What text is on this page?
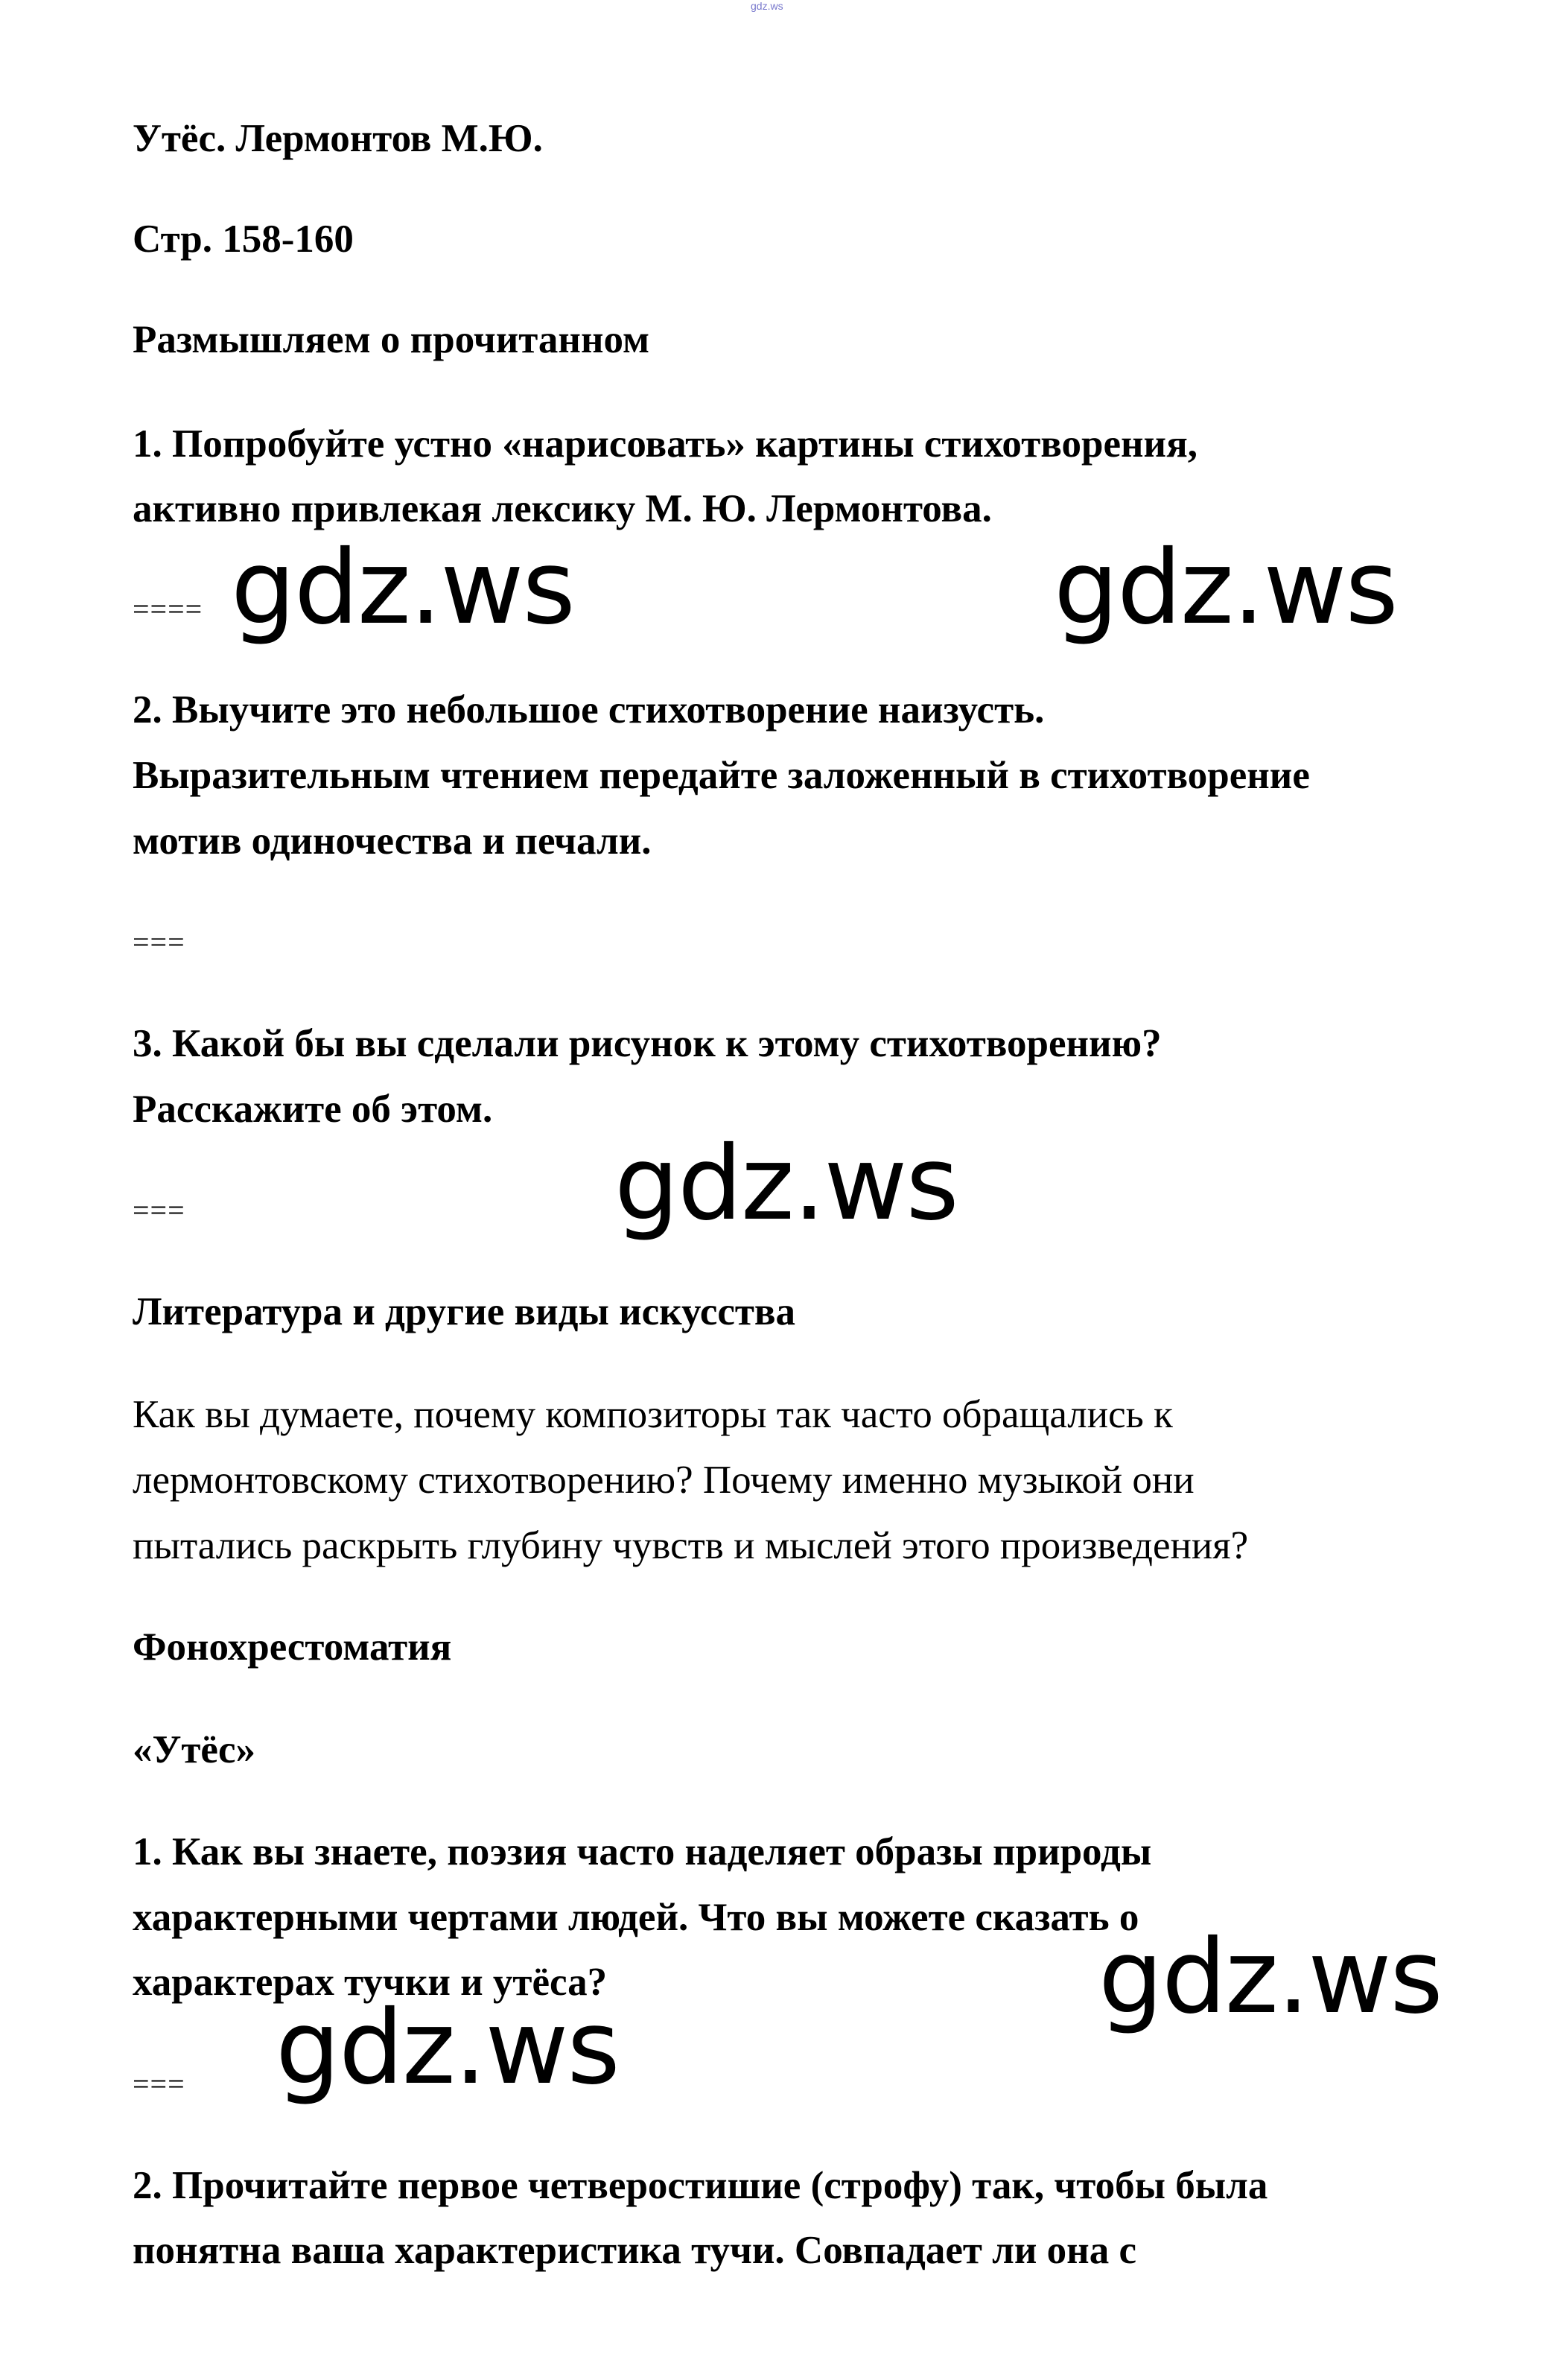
gdz.ws
Утёс. Лермонтов М.Ю.
Стр. 158-160
Размышляем о прочитанном
1. Попробуйте устно «нарисовать» картины стихотворения,
активно привлекая лексику М. Ю. Лермонтова.
====
2. Выучите это небольшое стихотворение наизусть.
Выразительным чтением передайте заложенный в стихотворение
мотив одиночества и печали.
===
3. Какой бы вы сделали рисунок к этому стихотворению?
Расскажите об этом.
===
Литература и другие виды искусства
Как вы думаете, почему композиторы так часто обращались к
лермонтовскому стихотворению? Почему именно музыкой они
пытались раскрыть глубину чувств и мыслей этого произведения?
Фонохрестоматия
«Утёс»
1. Как вы знаете, поэзия часто наделяет образы природы
характерными чертами людей. Что вы можете сказать о
характерах тучки и утёса?
===
2. Прочитайте первое четверостишие (строфу) так, чтобы была
понятна ваша характеристика тучи. Совпадает ли она с
gdz.ws	gdz.ws
gdz.ws
gdz.ws
gdz.ws
